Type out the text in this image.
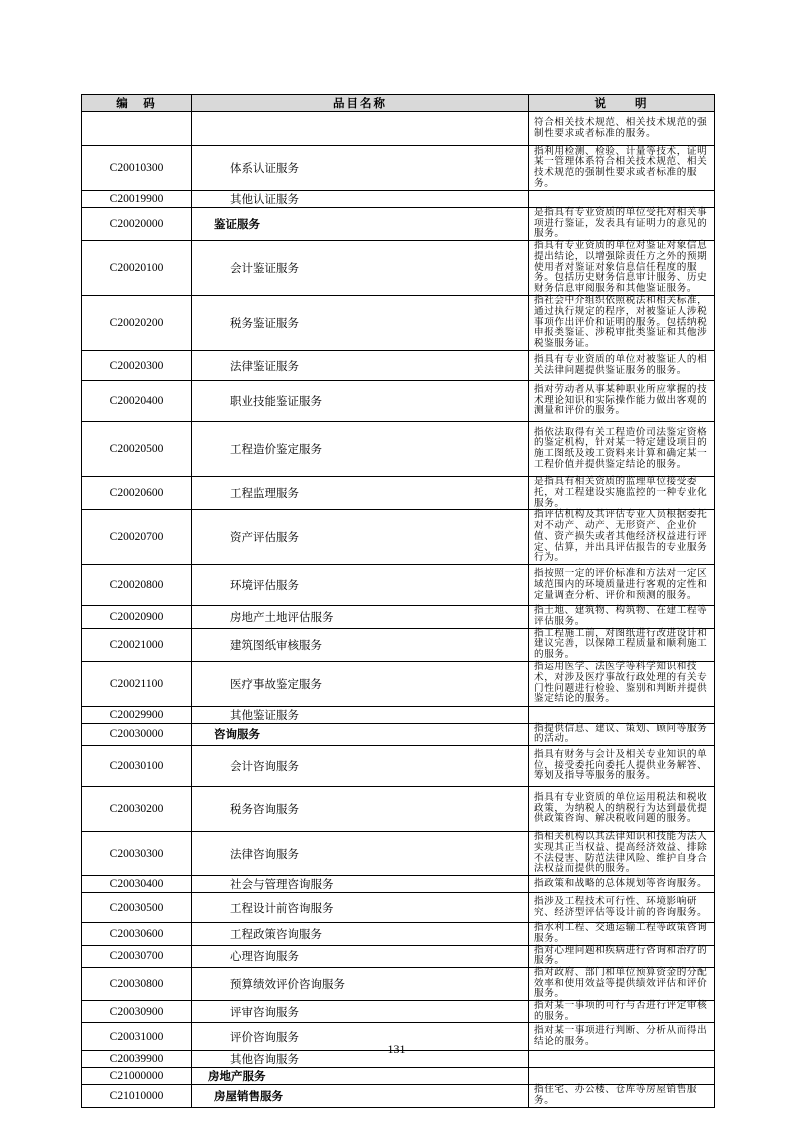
编　码	品目名称	说　　明
		符合相关技术规范、相关技术规范的强制性要求或者标准的服务。
C20010300	体系认证服务	指利用检测、检验、计量等技术，证明某一管理体系符合相关技术规范、相关技术规范的强制性要求或者标准的服务。
C20019900	其他认证服务	
C20020000	鉴证服务	是指具有专业资质的单位受托对相关事项进行鉴证，发表具有证明力的意见的服务。
C20020100	会计鉴证服务	指具有专业资质的单位对鉴证对象信息提出结论，以增强除责任方之外的预期使用者对鉴证对象信息信任程度的服务。包括历史财务信息审计服务、历史财务信息审阅服务和其他鉴证服务。
C20020200	税务鉴证服务	指社会中介组织依照税法和相关标准，通过执行规定的程序，对被鉴证人涉税事项作出评价和证明的服务。包括纳税申报类鉴证、涉税审批类鉴证和其他涉税鉴服务证。
C20020300	法律鉴证服务	指具有专业资质的单位对被鉴证人的相关法律问题提供鉴证服务的服务。
C20020400	职业技能鉴证服务	指对劳动者从事某种职业所应掌握的技术理论知识和实际操作能力做出客观的测量和评价的服务。
C20020500	工程造价鉴定服务	指依法取得有关工程造价司法鉴定资格的鉴定机构，针对某一特定建设项目的施工图纸及竣工资料来计算和确定某一工程价值并提供鉴定结论的服务。
C20020600	工程监理服务	是指具有相关资质的监理单位接受委托，对工程建设实施监控的一种专业化服务。
C20020700	资产评估服务	指评估机构及其评估专业人员根据委托对不动产、动产、无形资产、企业价值、资产损失或者其他经济权益进行评定、估算，并出具评估报告的专业服务行为。
C20020800	环境评估服务	指按照一定的评价标准和方法对一定区域范围内的环境质量进行客观的定性和定量调查分析、评价和预测的服务。
C20020900	房地产土地评估服务	指土地、建筑物、构筑物、在建工程等评估服务。
C20021000	建筑图纸审核服务	指工程施工前，对图纸进行改进设计和建议完善，以保障工程质量和顺利施工的服务。
C20021100	医疗事故鉴定服务	指运用医学、法医学等科学知识和技术，对涉及医疗事故行政处理的有关专门性问题进行检验、鉴别和判断并提供鉴定结论的服务。
C20029900	其他鉴证服务	
C20030000	咨询服务	指提供信息、建议、策划、顾问等服务的活动。
C20030100	会计咨询服务	指具有财务与会计及相关专业知识的单位，接受委托向委托人提供业务解答、筹划及指导等服务的服务。
C20030200	税务咨询服务	指具有专业资质的单位运用税法和税收政策，为纳税人的纳税行为达到最优提供政策咨询、解决税收问题的服务。
C20030300	法律咨询服务	指相关机构以其法律知识和技能为法人实现其正当权益、提高经济效益、排除不法侵害、防范法律风险、维护自身合法权益而提供的服务。
C20030400	社会与管理咨询服务	指政策和战略的总体规划等咨询服务。
C20030500	工程设计前咨询服务	指涉及工程技术可行性、环境影响研究、经济型评估等设计前的咨询服务。
C20030600	工程政策咨询服务	指水利工程、交通运输工程等政策咨询服务。
C20030700	心理咨询服务	指对心理问题和疾病进行咨询和治疗的服务。
C20030800	预算绩效评价咨询服务	指对政府、部门和单位预算资金的分配效率和使用效益等提供绩效评估和评价服务。
C20030900	评审咨询服务	指对某一事项的可行与否进行评定审核的服务。
C20031000	评价咨询服务	指对某一事项进行判断、分析从而得出结论的服务。
C20039900	其他咨询服务	
C21000000	房地产服务	
C21010000	房屋销售服务	指住宅、办公楼、仓库等房屋销售服务。
131
